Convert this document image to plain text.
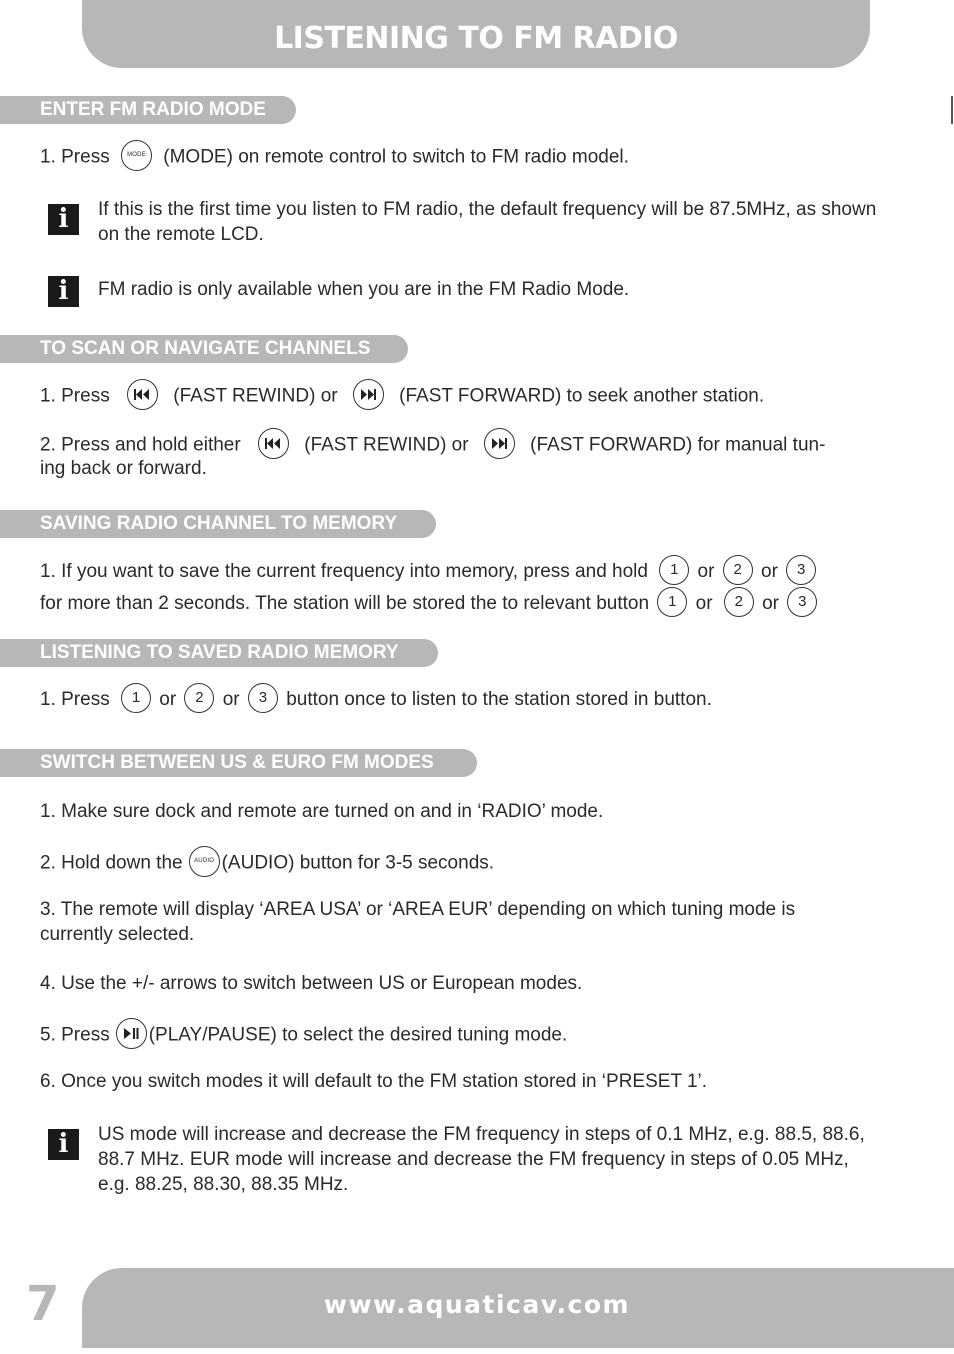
LISTENING TO FM RADIO
ENTER FM RADIO MODE
1. Press	MODE (MODE) on remote control to switch to FM radio model.
i	If this is the first time you listen to FM radio, the default frequency will be 87.5MHz, as shown on the remote LCD.
i	FM radio is only available when you are in the FM Radio Mode.
TO SCAN OR NAVIGATE CHANNELS
1. Press	(FAST REWIND) or	(FAST FORWARD) to seek another station.
2. Press and hold either	(FAST REWIND) or	(FAST FORWARD) for manual tun-
ing back or forward.
SAVING RADIO CHANNEL TO MEMORY
1. If you want to save the current frequency into memory, press and hold 1 or 2 or 3
for more than 2 seconds. The station will be stored the to relevant button 1 or 2 or 3
LISTENING TO SAVED RADIO MEMORY
1. Press 1 or 2 or 3 button once to listen to the station stored in button.
SWITCH BETWEEN US & EURO FM MODES
1. Make sure dock and remote are turned on and in ‘RADIO’ mode.
2. Hold down the	AUDIO (AUDIO) button for 3-5 seconds.
3. The remote will display ‘AREA USA’ or ‘AREA EUR’ depending on which tuning mode is currently selected.
4. Use the +/- arrows to switch between US or European modes.
5. Press (PLAY/PAUSE) to select the desired tuning mode.
6. Once you switch modes it will default to the FM station stored in ‘PRESET 1’.
i	US mode will increase and decrease the FM frequency in steps of 0.1 MHz, e.g. 88.5, 88.6, 88.7 MHz. EUR mode will increase and decrease the FM frequency in steps of 0.05 MHz, e.g. 88.25, 88.30, 88.35 MHz.
7	www.aquaticav.com
